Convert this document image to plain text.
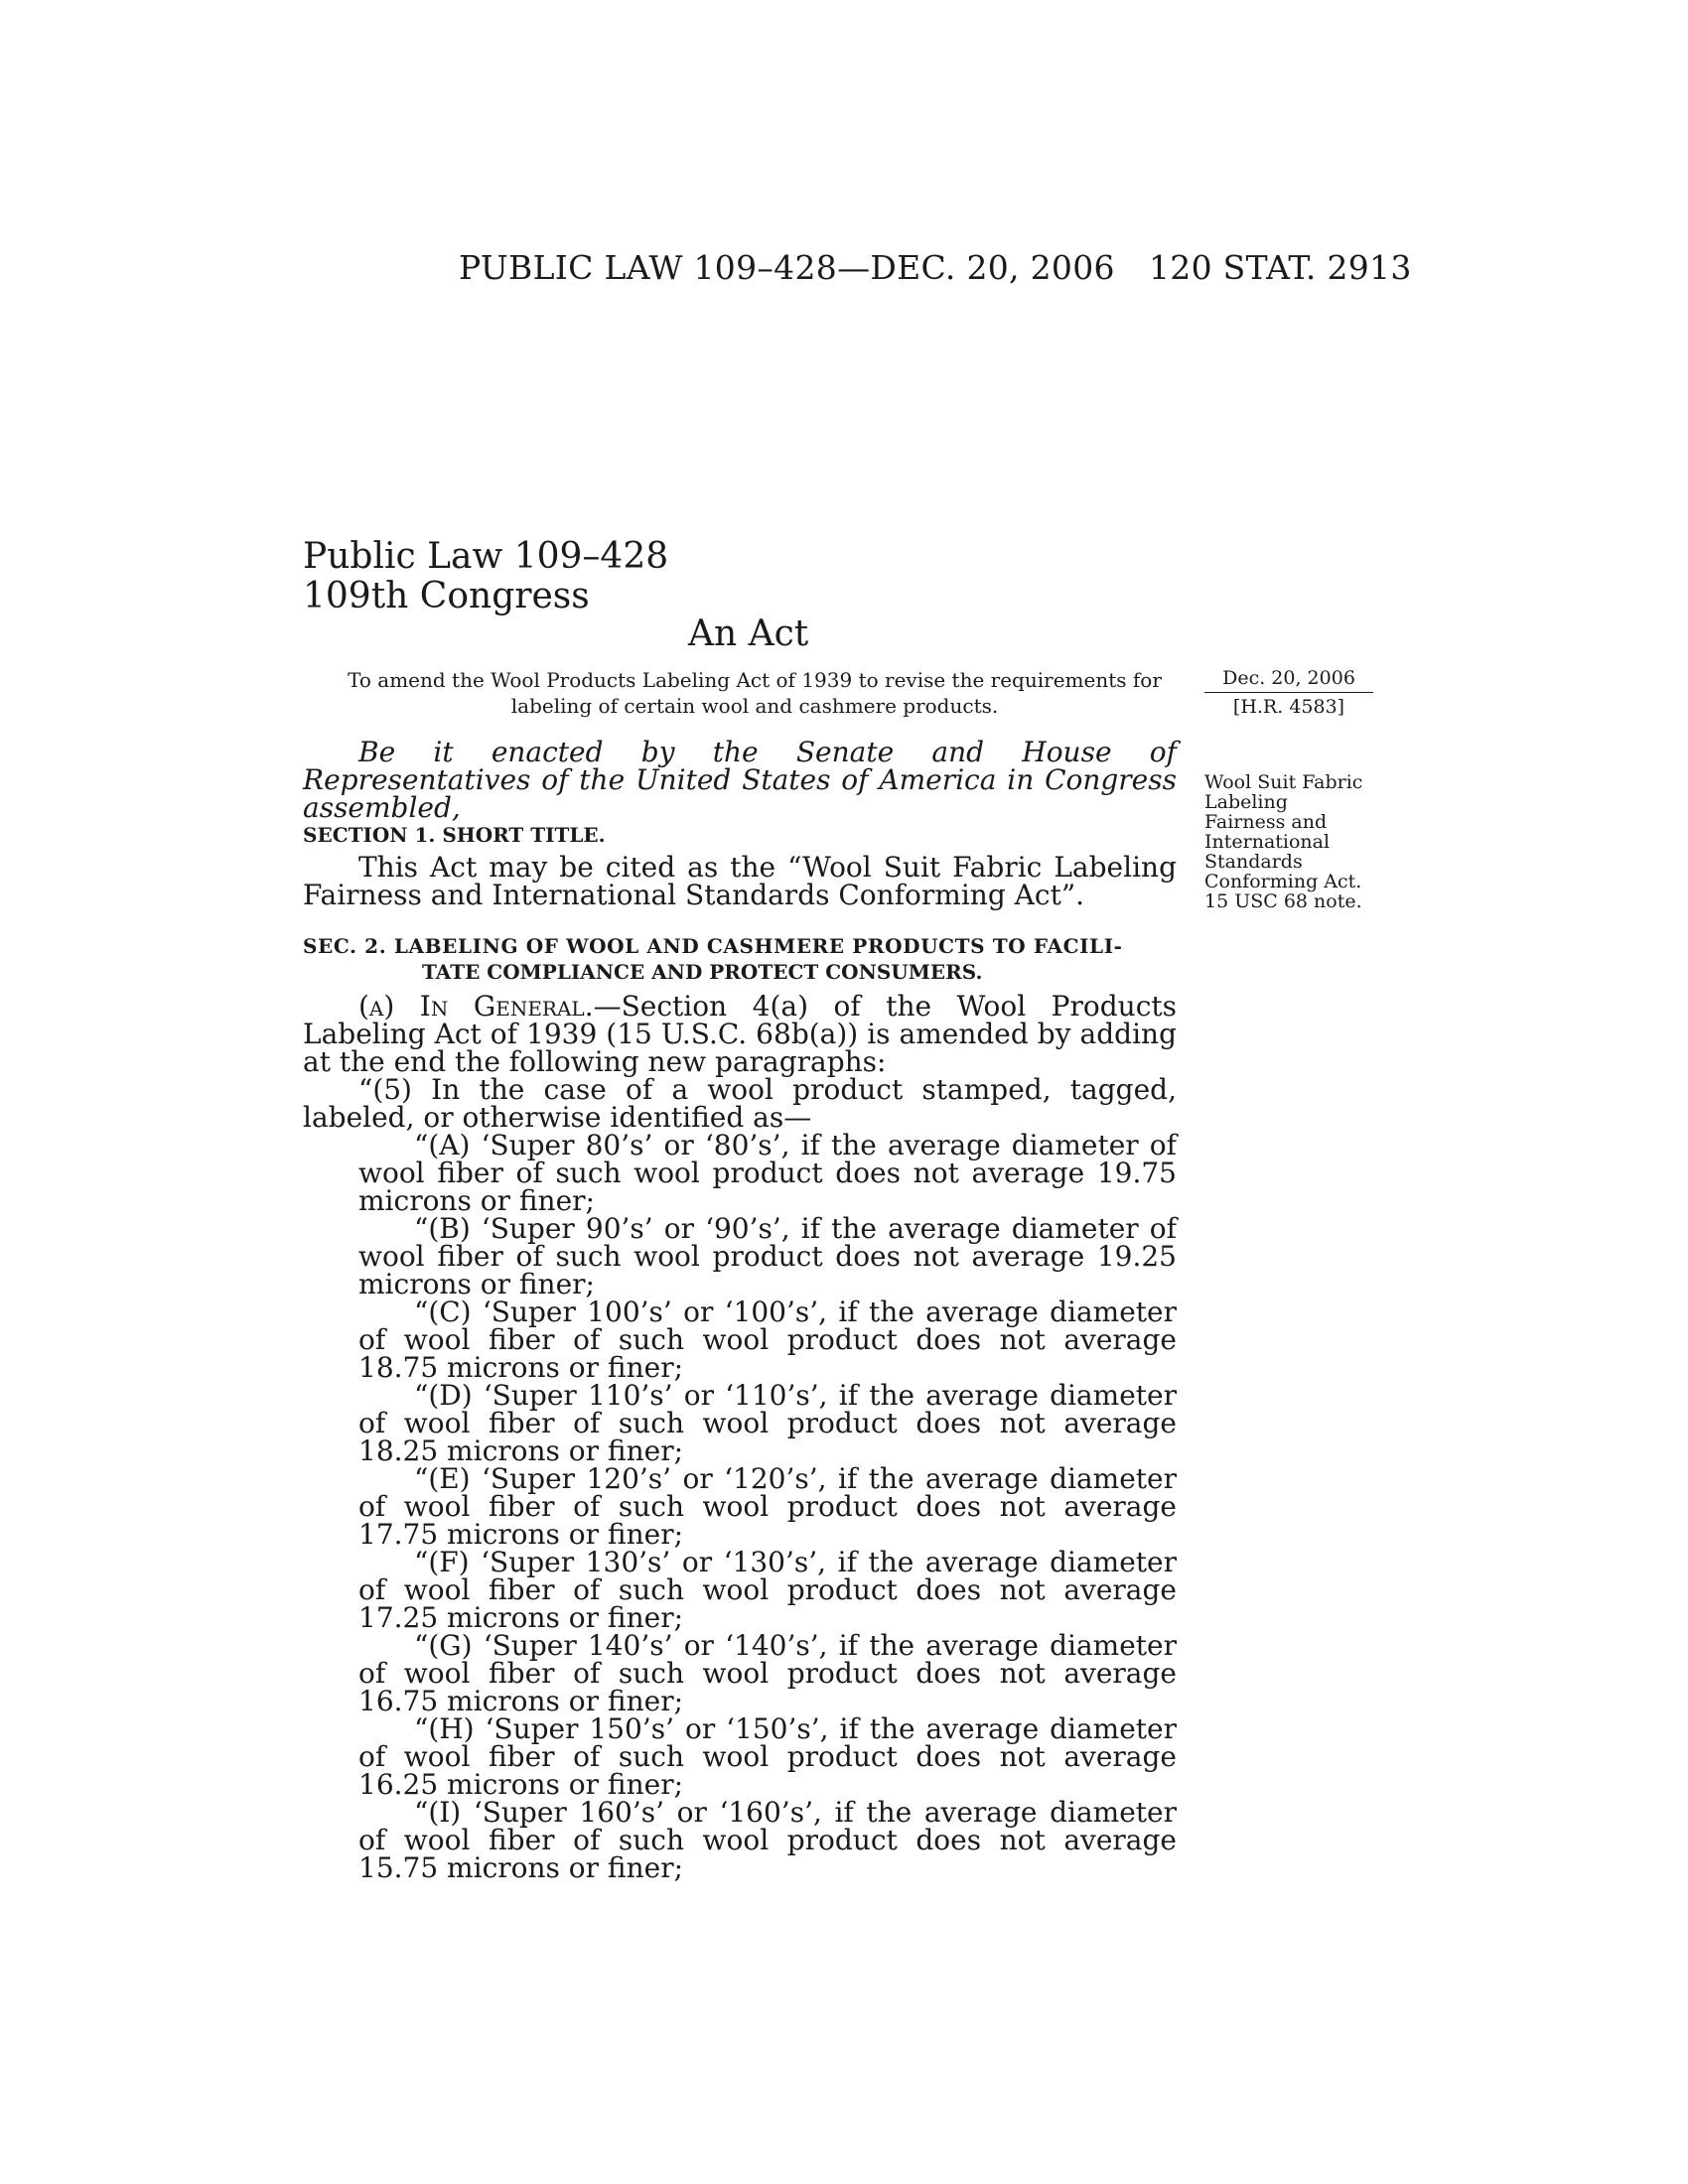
PUBLIC LAW 109–428—DEC. 20, 2006 120 STAT. 2913
Public Law 109–428
109th Congress
An Act
To amend the Wool Products Labeling Act of 1939 to revise the requirements for labeling of certain wool and cashmere products.
Dec. 20, 2006
[H.R. 4583]
Wool Suit Fabric
Labeling
Fairness and
International
Standards
Conforming Act.
15 USC 68 note.

Be it enacted by the Senate and House of Representatives of the United States of America in Congress assembled,

SECTION 1. SHORT TITLE.

This Act may be cited as the “Wool Suit Fabric Labeling Fairness and International Standards Conforming Act”.

SEC. 2. LABELING OF WOOL AND CASHMERE PRODUCTS TO FACILI-
TATE COMPLIANCE AND PROTECT CONSUMERS.

(a) In General.—Section 4(a) of the Wool Products Labeling Act of 1939 (15 U.S.C. 68b(a)) is amended by adding at the end the following new paragraphs:

“(5) In the case of a wool product stamped, tagged, labeled, or otherwise identified as—

“(A) ‘Super 80’s’ or ‘80’s’, if the average diameter of wool fiber of such wool product does not average 19.75 microns or finer;

“(B) ‘Super 90’s’ or ‘90’s’, if the average diameter of wool fiber of such wool product does not average 19.25 microns or finer;

“(C) ‘Super 100’s’ or ‘100’s’, if the average diameter of wool fiber of such wool product does not average 18.75 microns or finer;

“(D) ‘Super 110’s’ or ‘110’s’, if the average diameter of wool fiber of such wool product does not average 18.25 microns or finer;

“(E) ‘Super 120’s’ or ‘120’s’, if the average diameter of wool fiber of such wool product does not average 17.75 microns or finer;

“(F) ‘Super 130’s’ or ‘130’s’, if the average diameter of wool fiber of such wool product does not average 17.25 microns or finer;

“(G) ‘Super 140’s’ or ‘140’s’, if the average diameter of wool fiber of such wool product does not average 16.75 microns or finer;

“(H) ‘Super 150’s’ or ‘150’s’, if the average diameter of wool fiber of such wool product does not average 16.25 microns or finer;

“(I) ‘Super 160’s’ or ‘160’s’, if the average diameter of wool fiber of such wool product does not average 15.75 microns or finer;
